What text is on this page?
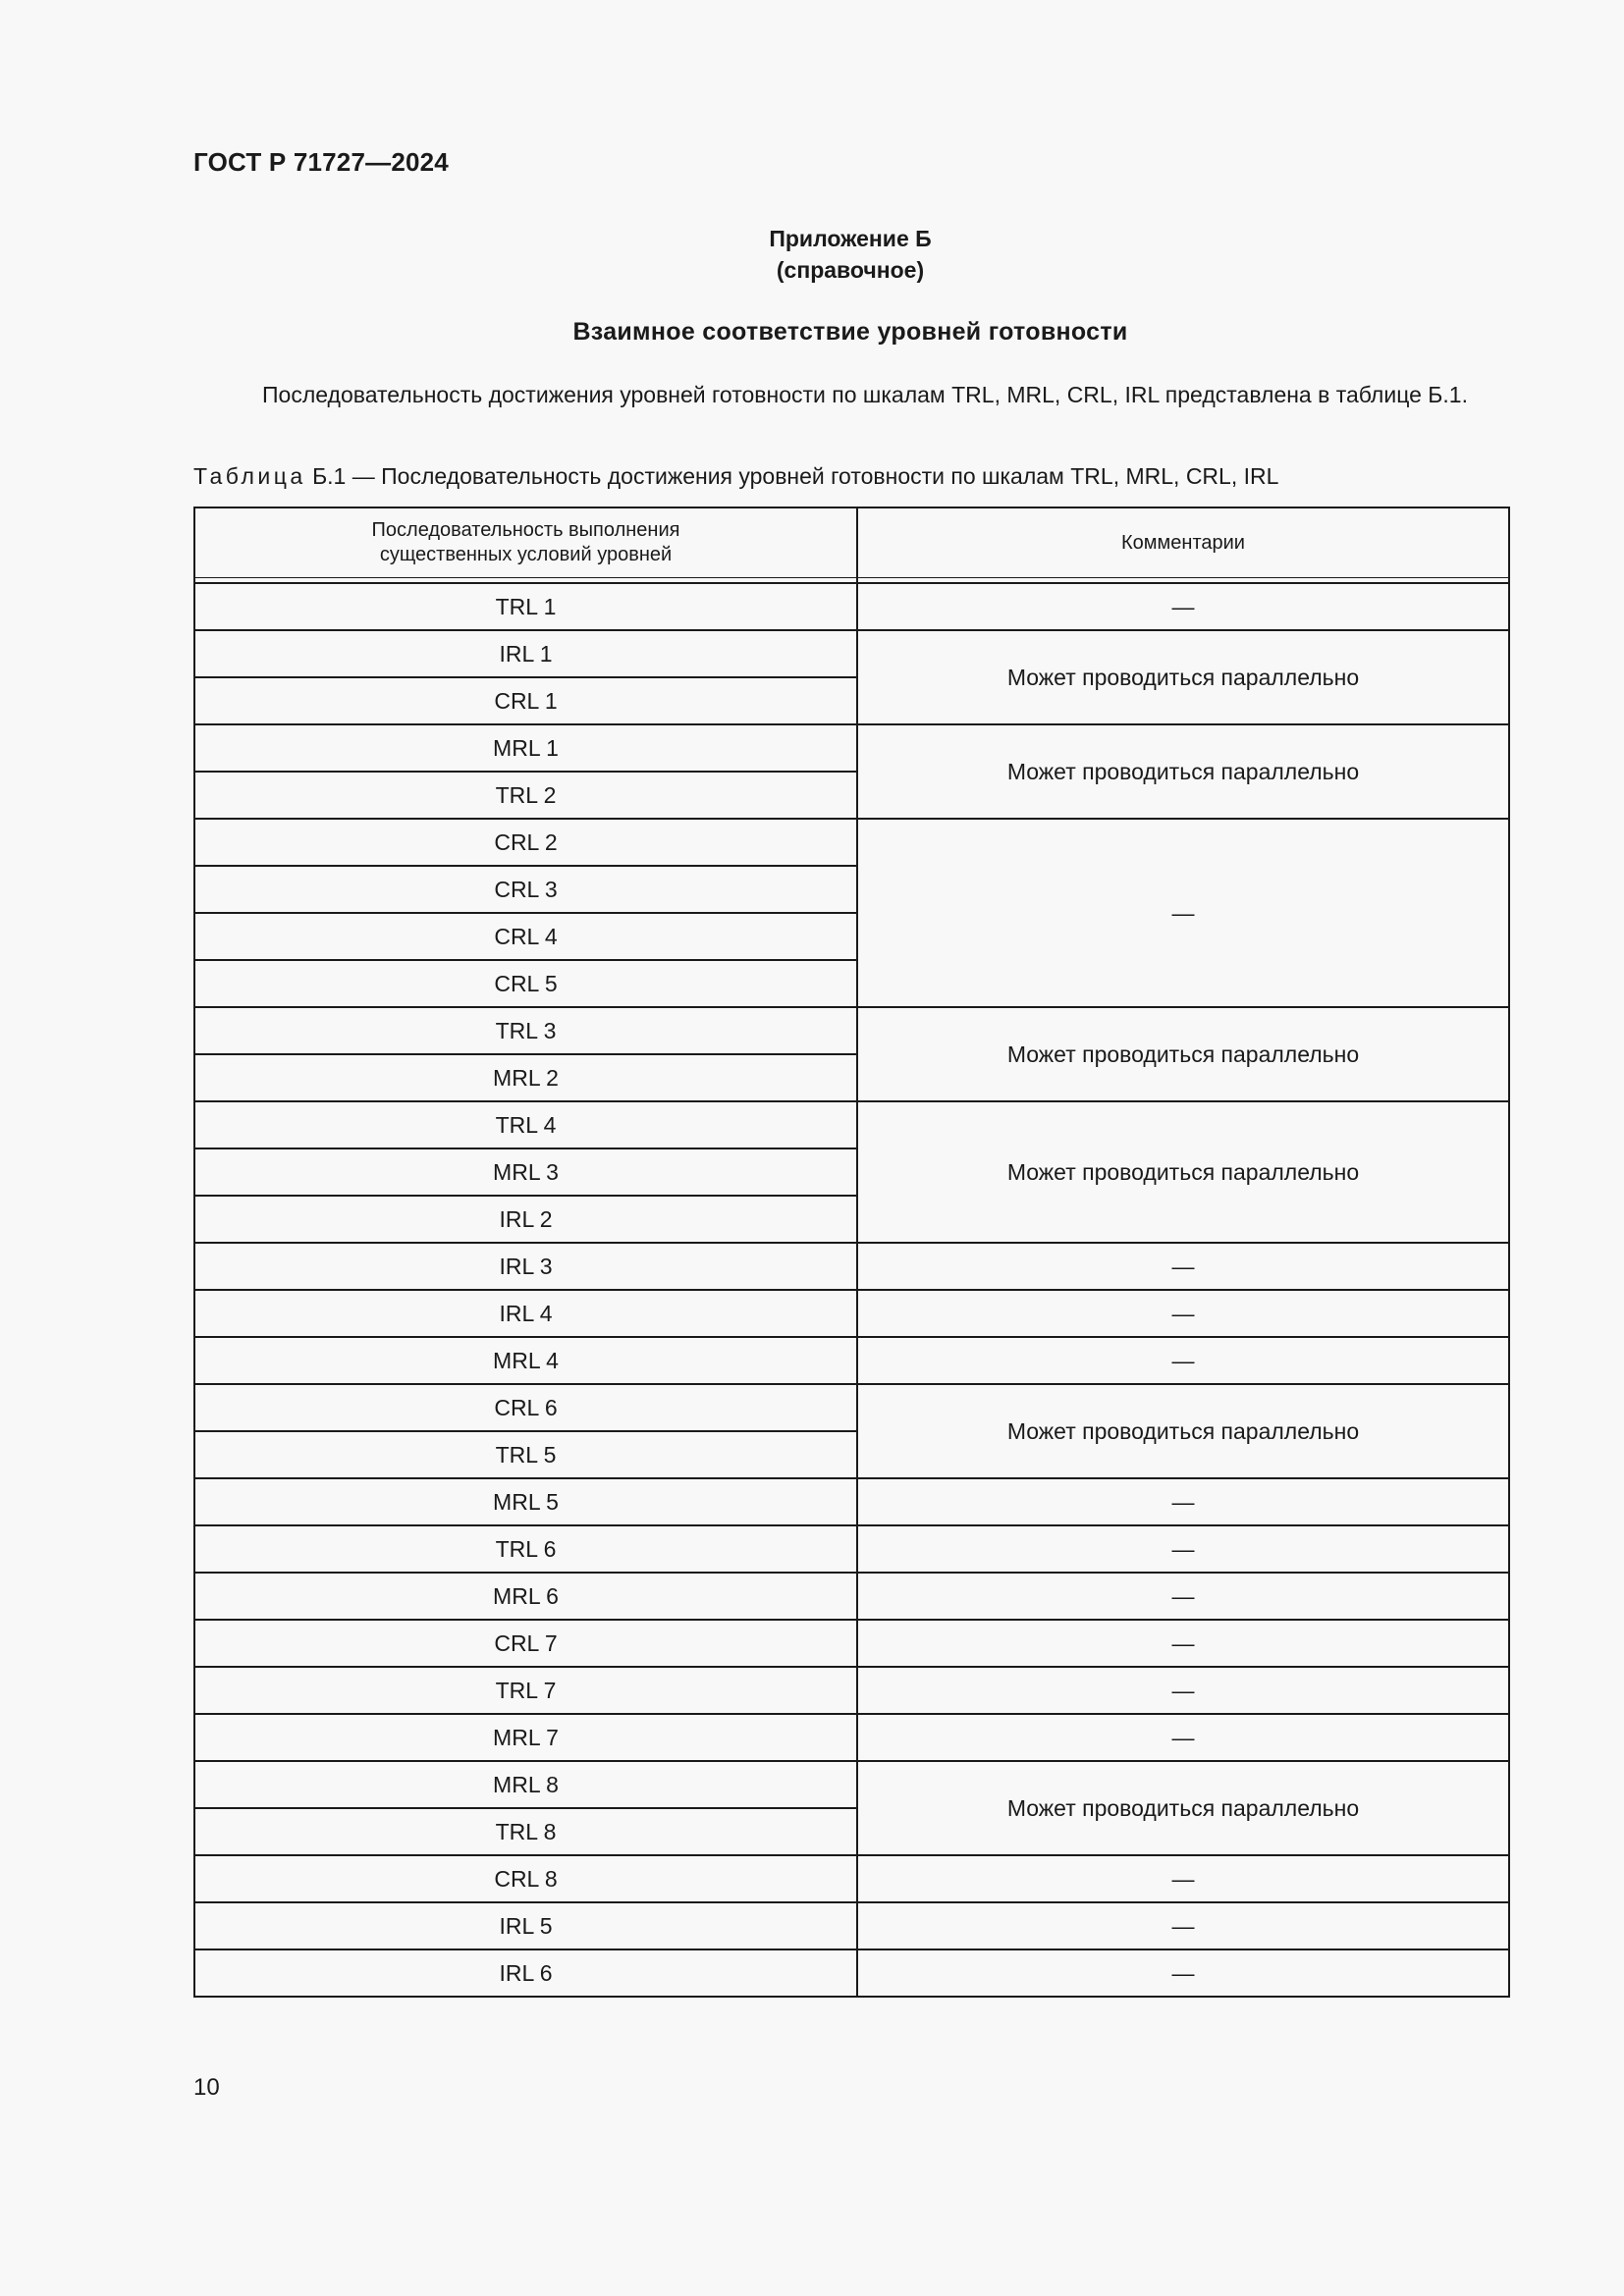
ГОСТ Р 71727—2024
Приложение Б
(справочное)
Взаимное соответствие уровней готовности

Последовательность достижения уровней готовности по шкалам TRL, MRL, CRL, IRL представлена в таблице Б.1.

Таблица Б.1 — Последовательность достижения уровней готовности по шкалам TRL, MRL, CRL, IRL
Последовательность выполнения
существенных условий уровней	Комментарии

TRL 1	—
IRL 1	Может проводиться параллельно
CRL 1	
MRL 1	Может проводиться параллельно
TRL 2	
CRL 2	—
CRL 3	
CRL 4	
CRL 5	
TRL 3	Может проводиться параллельно
MRL 2	
TRL 4	Может проводиться параллельно
MRL 3	
IRL 2	
IRL 3	—
IRL 4	—
MRL 4	—
CRL 6	Может проводиться параллельно
TRL 5	
MRL 5	—
TRL 6	—
MRL 6	—
CRL 7	—
TRL 7	—
MRL 7	—
MRL 8	Может проводиться параллельно
TRL 8	
CRL 8	—
IRL 5	—
IRL 6	—
10
